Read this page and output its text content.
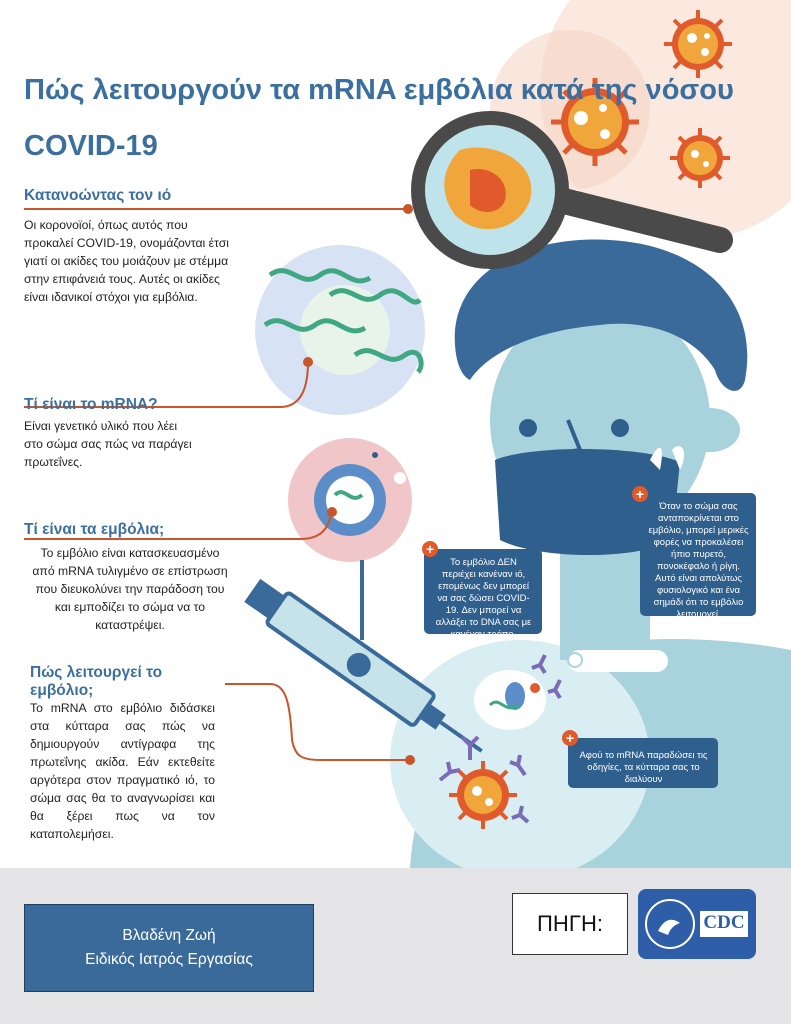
Πώς λειτουργούν τα mRNA εμβόλια κατά της νόσου COVID-19
Κατανοώντας τον ιό

Οι κορονοϊοί, όπως αυτός που προκαλεί COVID-19, ονομάζονται έτσι γιατί οι ακίδες του μοιάζουν με στέμμα στην επιφάνειά τους. Αυτές οι ακίδες είναι ιδανικοί στόχοι για εμβόλια.

Τί είναι το mRNA?

Είναι γενετικό υλικό που λέει στο σώμα σας πώς να παράγει πρωτεΐνες.

Τί είναι τα εμβόλια;

Το εμβόλιο είναι κατασκευασμένο από mRNA τυλιγμένο σε επίστρωση που διευκολύνει την παράδοση του και εμποδίζει το σώμα να το καταστρέψει.

Πώς λειτουργεί το εμβόλιο;

Το mRNA στο εμβόλιο διδάσκει στα κύτταρα σας πώς να δημιουργούν αντίγραφα της πρωτεΐνης ακίδα. Εάν εκτεθείτε αργότερα στον πραγματικό ιό, το σώμα σας θα το αναγνωρίσει και θα ξέρει πως να τον καταπολεμήσει.

Το εμβόλιο ΔΕΝ περιέχει κανέναν ιό, επομένως δεν μπορεί να σας δώσει COVID-19. Δεν μπορεί να αλλάξει το DNA σας με κανέναν τρόπο.
+
Όταν το σώμα σας ανταποκρίνεται στο εμβόλιο, μπορεί μερικές φορές να προκαλέσει ήπιο πυρετό, πονοκέφαλο ή ρίγη. Αυτό είναι απολύτως φυσιολογικό και ένα σημάδι ότι το εμβόλιο λειτουργεί.
+
Αφού το mRNA παραδώσει τις οδηγίες, τα κύτταρα σας το διαλύουν
+
Βλαδένη Ζωή
Ειδικός Ιατρός Εργασίας
ΠΗΓΗ:	CDC
